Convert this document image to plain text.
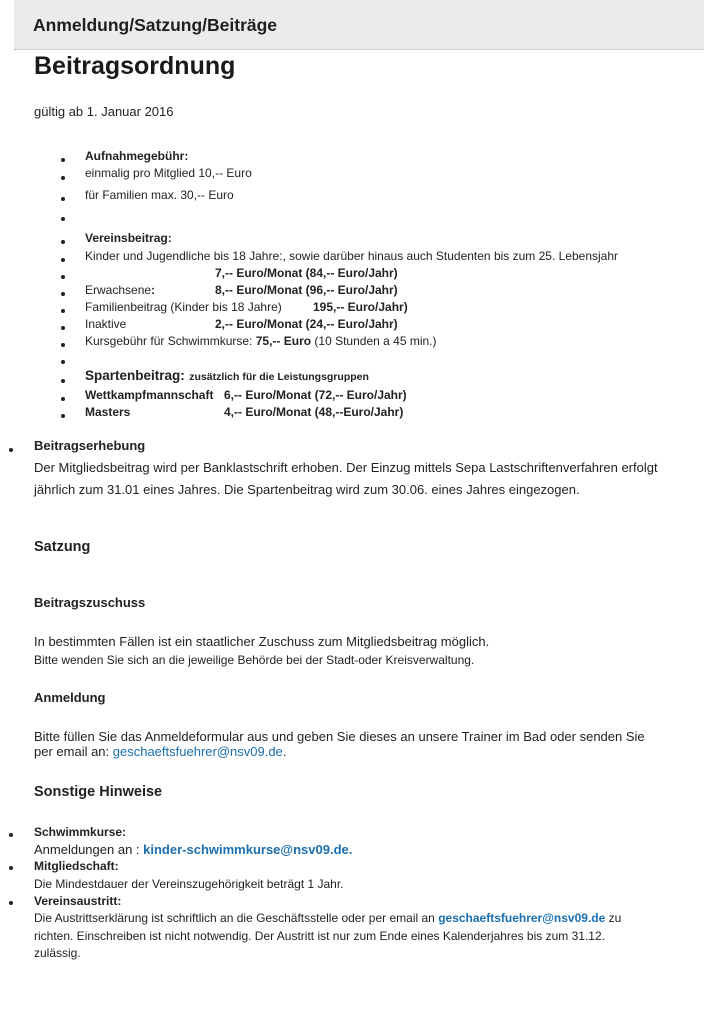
Anmeldung/Satzung/Beiträge
Beitragsordnung
gültig ab 1. Januar 2016
Aufnahmegebühr:
einmalig pro Mitglied 10,-- Euro
für Familien max. 30,-- Euro
Vereinsbeitrag:
Kinder und Jugendliche bis 18 Jahre:, sowie darüber hinaus auch Studenten bis zum 25. Lebensjahr
7,-- Euro/Monat (84,-- Euro/Jahr)
Erwachsene:	8,-- Euro/Monat (96,-- Euro/Jahr)
Familienbeitrag (Kinder bis 18 Jahre)	195,-- Euro/Jahr)
Inaktive	2,-- Euro/Monat (24,-- Euro/Jahr)
Kursgebühr für Schwimmkurse: 75,-- Euro (10 Stunden a 45 min.)
Spartenbeitrag: zusätzlich für die Leistungsgruppen
Wettkampfmannschaft 6,-- Euro/Monat (72,-- Euro/Jahr)
Masters	4,-- Euro/Monat (48,--Euro/Jahr)
Beitragserhebung
Der Mitgliedsbeitrag wird per Banklastschrift erhoben. Der Einzug mittels Sepa Lastschriftenverfahren erfolgt
jährlich zum 31.01 eines Jahres. Die Spartenbeitrag wird zum 30.06. eines Jahres eingezogen.
Satzung
Beitragszuschuss
In bestimmten Fällen ist ein staatlicher Zuschuss zum Mitgliedsbeitrag möglich.
Bitte wenden Sie sich an die jeweilige Behörde bei der Stadt-oder Kreisverwaltung.
Anmeldung
Bitte füllen Sie das Anmeldeformular aus und geben Sie dieses an unsere Trainer im Bad oder senden Sie
per email an: geschaeftsfuehrer@nsv09.de.
Sonstige Hinweise
Schwimmkurse:
Anmeldungen an : kinder-schwimmkurse@nsv09.de.
Mitgliedschaft:
Die Mindestdauer der Vereinszugehörigkeit beträgt 1 Jahr.
Vereinsaustritt:
Die Austrittserklärung ist schriftlich an die Geschäftsstelle oder per email an geschaeftsfuehrer@nsv09.de zu
richten. Einschreiben ist nicht notwendig. Der Austritt ist nur zum Ende eines Kalenderjahres bis zum 31.12.
zulässig.
